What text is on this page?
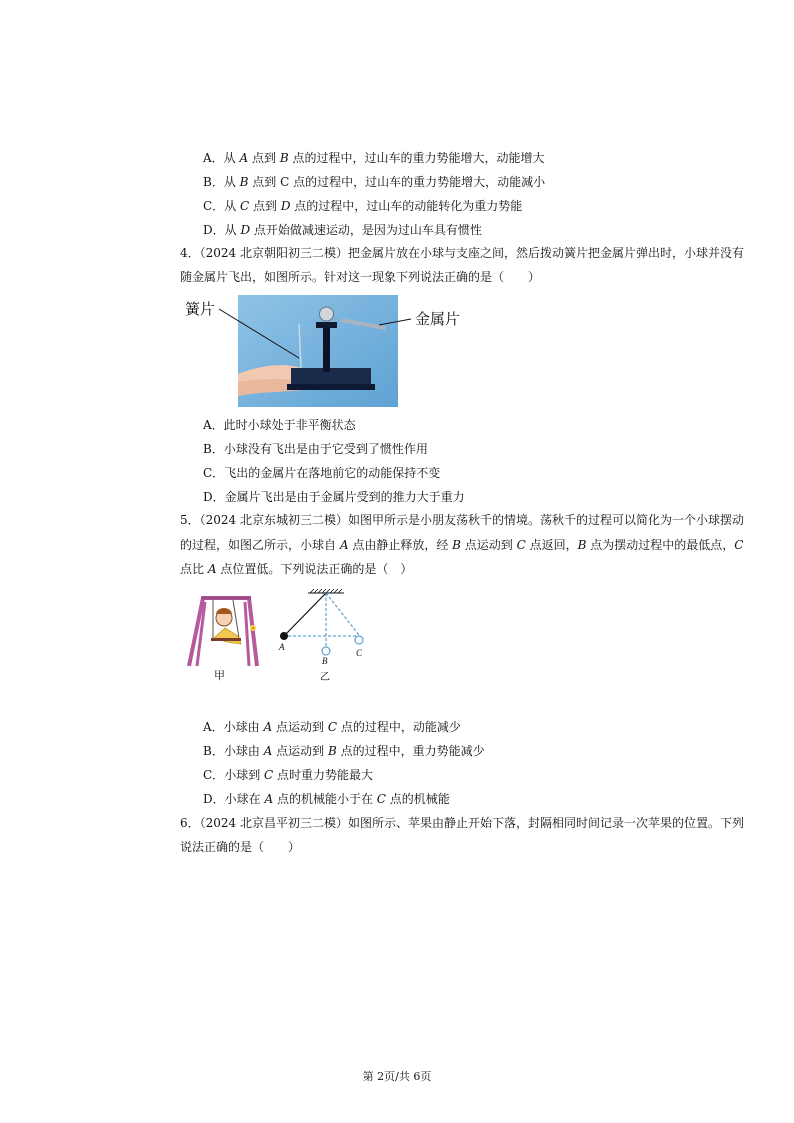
A．从 A 点到 B 点的过程中，过山车的重力势能增大，动能增大
B．从 B 点到 C 点的过程中，过山车的重力势能增大，动能减小
C．从 C 点到 D 点的过程中，过山车的动能转化为重力势能
D．从 D 点开始做减速运动，是因为过山车具有惯性
4．（2024 北京朝阳初三二模）把金属片放在小球与支座之间，然后拨动簧片把金属片弹出时，小球并没有
随金属片飞出，如图所示。针对这一现象下列说法正确的是（　　）
簧片
金属片
A．此时小球处于非平衡状态
B．小球没有飞出是由于它受到了惯性作用
C．飞出的金属片在落地前它的动能保持不变
D．金属片飞出是由于金属片受到的推力大于重力
5．（2024 北京东城初三二模）如图甲所示是小朋友荡秋千的情境。荡秋千的过程可以简化为一个小球摆动
的过程，如图乙所示，小球自 A 点由静止释放，经 B 点运动到 C 点返回，B 点为摆动过程中的最低点，C
点比 A 点位置低。下列说法正确的是（　）
甲
A
B
C
乙
A．小球由 A 点运动到 C 点的过程中，动能减少
B．小球由 A 点运动到 B 点的过程中，重力势能减少
C．小球到 C 点时重力势能最大
D．小球在 A 点的机械能小于在 C 点的机械能
6．（2024 北京昌平初三二模）如图所示、苹果由静止开始下落，封隔相同时间记录一次苹果的位置。下列
说法正确的是（　　）
第 2页/共 6页
